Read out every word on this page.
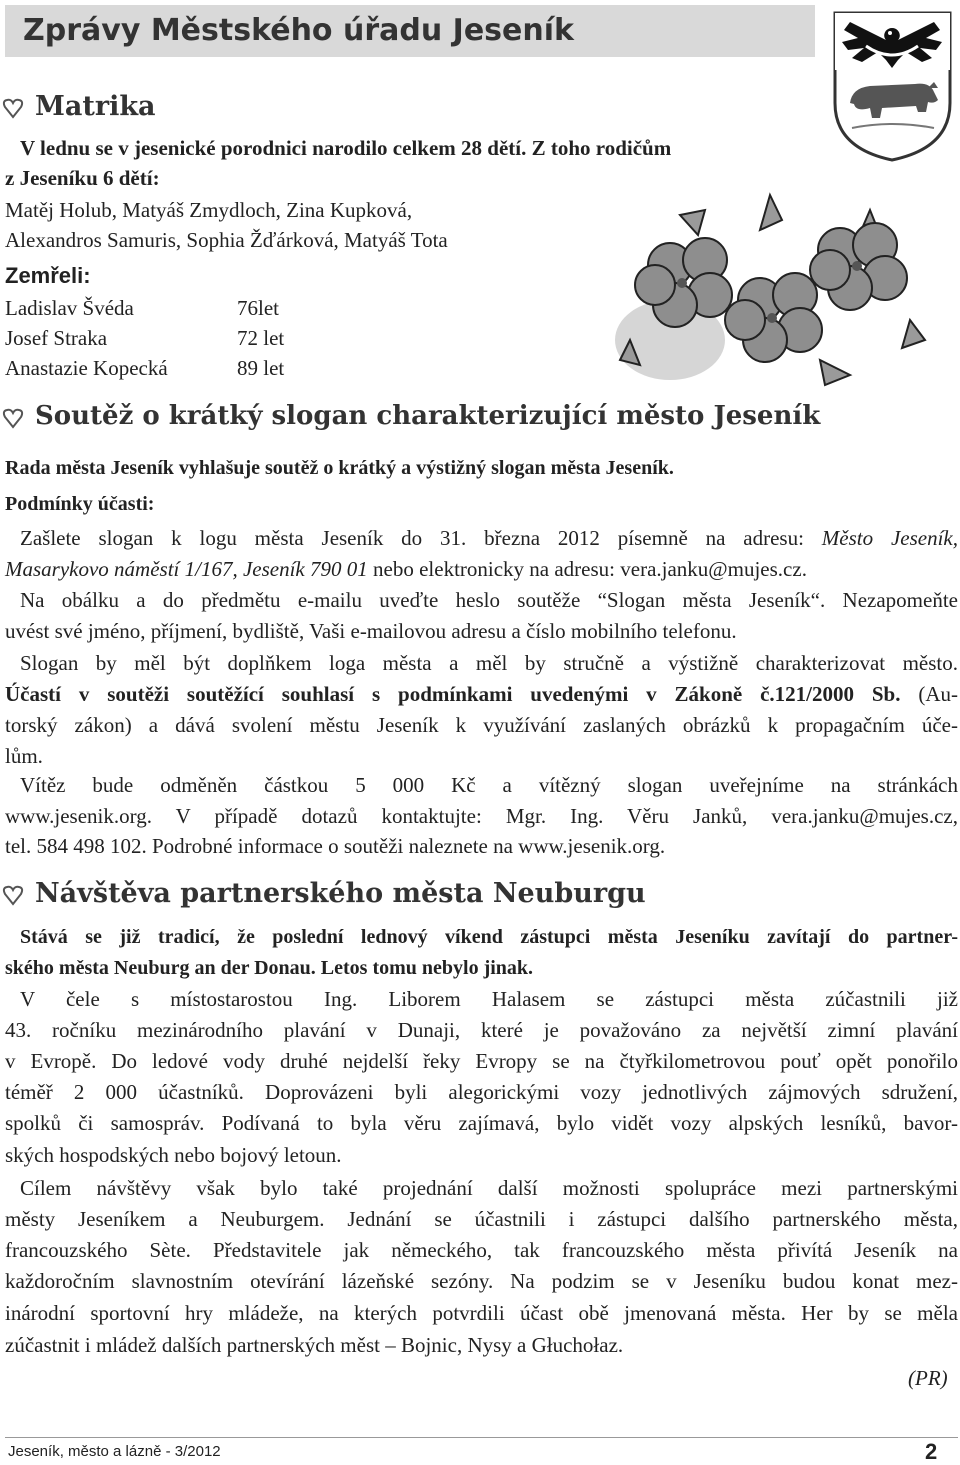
Zprávy Městského úřadu Jeseník
Matrika
V lednu se v jesenické porodnici narodilo celkem 28 dětí. Z toho rodičům
z Jeseníku 6 dětí:
Matěj Holub, Matyáš Zmydloch, Zina Kupková,
Alexandros Samuris, Sophia Žďárková, Matyáš Tota
Zemřeli:
Ladislav Švéda	76let
Josef Straka	72 let
Anastazie Kopecká	89 let
Soutěž o krátký slogan charakterizující město Jeseník
Rada města Jeseník vyhlašuje soutěž o krátký a výstižný slogan města Jeseník.
Podmínky účasti:
Zašlete slogan k logu města Jeseník do 31. března 2012 písemně na adresu: Město Jeseník,
Masarykovo náměstí 1/167, Jeseník 790 01 nebo elektronicky na adresu: vera.janku@mujes.cz.
Na obálku a do předmětu e-mailu uveďte heslo soutěže “Slogan města Jeseník“. Nezapomeňte
uvést své jméno, příjmení, bydliště, Vaši e-mailovou adresu a číslo mobilního telefonu.
Slogan by měl být doplňkem loga města a měl by stručně a výstižně charakterizovat město.
Účastí v soutěži soutěžící souhlasí s podmínkami uvedenými v Zákoně č.121/2000 Sb. (Au-
torský zákon) a dává svolení městu Jeseník k využívání zaslaných obrázků k propagačním úče-
lům.
Vítěz bude odměněn částkou 5 000 Kč a vítězný slogan uveřejníme na stránkách
www.jesenik.org. V případě dotazů kontaktujte: Mgr. Ing. Věru Janků, vera.janku@mujes.cz,
tel. 584 498 102. Podrobné informace o soutěži naleznete na www.jesenik.org.
Návštěva partnerského města Neuburgu
Stává se již tradicí, že poslední lednový víkend zástupci města Jeseníku zavítají do partner-
ského města Neuburg an der Donau. Letos tomu nebylo jinak.
V čele s místostarostou Ing. Liborem Halasem se zástupci města zúčastnili již
43. ročníku mezinárodního plavání v Dunaji, které je považováno za největší zimní plavání
v Evropě. Do ledové vody druhé nejdelší řeky Evropy se na čtyřkilometrovou pouť opět ponořilo
téměř 2 000 účastníků. Doprovázeni byli alegorickými vozy jednotlivých zájmových sdružení,
spolků či samospráv. Podívaná to byla věru zajímavá, bylo vidět vozy alpských lesníků, bavor-
ských hospodských nebo bojový letoun.
Cílem návštěvy však bylo také projednání další možnosti spolupráce mezi partnerskými
městy Jeseníkem a Neuburgem. Jednání se účastnili i zástupci dalšího partnerského města,
francouzského Sète. Představitele jak německého, tak francouzského města přivítá Jeseník na
každoročním slavnostním otevírání lázeňské sezóny. Na podzim se v Jeseníku budou konat mez-
inárodní sportovní hry mládeže, na kterých potvrdili účast obě jmenovaná města. Her by se měla
zúčastnit i mládež dalších partnerských měst – Bojnic, Nysy a Głuchołaz.
(PR)
Jeseník, město a lázně - 3/2012	2
